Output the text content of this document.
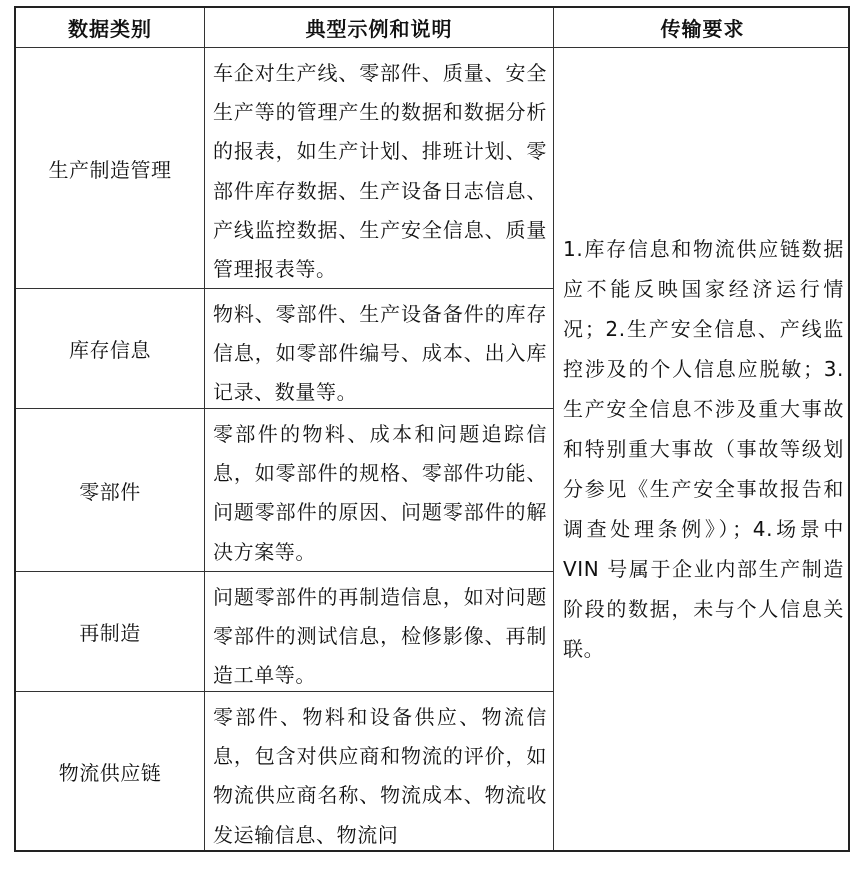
数据类别	典型示例和说明	传输要求
生产制造管理
车企对生产线、零部件、质量、安全生产等的管理产生的数据和数据分析的报表，如生产计划、排班计划、零部件库存数据、生产设备日志信息、产线监控数据、生产安全信息、质量管理报表等。
库存信息
物料、零部件、生产设备备件的库存信息，如零部件编号、成本、出入库记录、数量等。
零部件
零部件的物料、成本和问题追踪信息，如零部件的规格、零部件功能、问题零部件的原因、问题零部件的解决方案等。
再制造
问题零部件的再制造信息，如对问题零部件的测试信息，检修影像、再制造工单等。
物流供应链
零部件、物料和设备供应、物流信息，包含对供应商和物流的评价，如物流供应商名称、物流成本、物流收发运输信息、物流问
1.库存信息和物流供应链数据应不能反映国家经济运行情况；2.生产安全信息、产线监控涉及的个人信息应脱敏；3.生产安全信息不涉及重大事故和特别重大事故（事故等级划分参见《生产安全事故报告和调查处理条例》）；4.场景中 VIN 号属于企业内部生产制造阶段的数据，未与个人信息关联。
